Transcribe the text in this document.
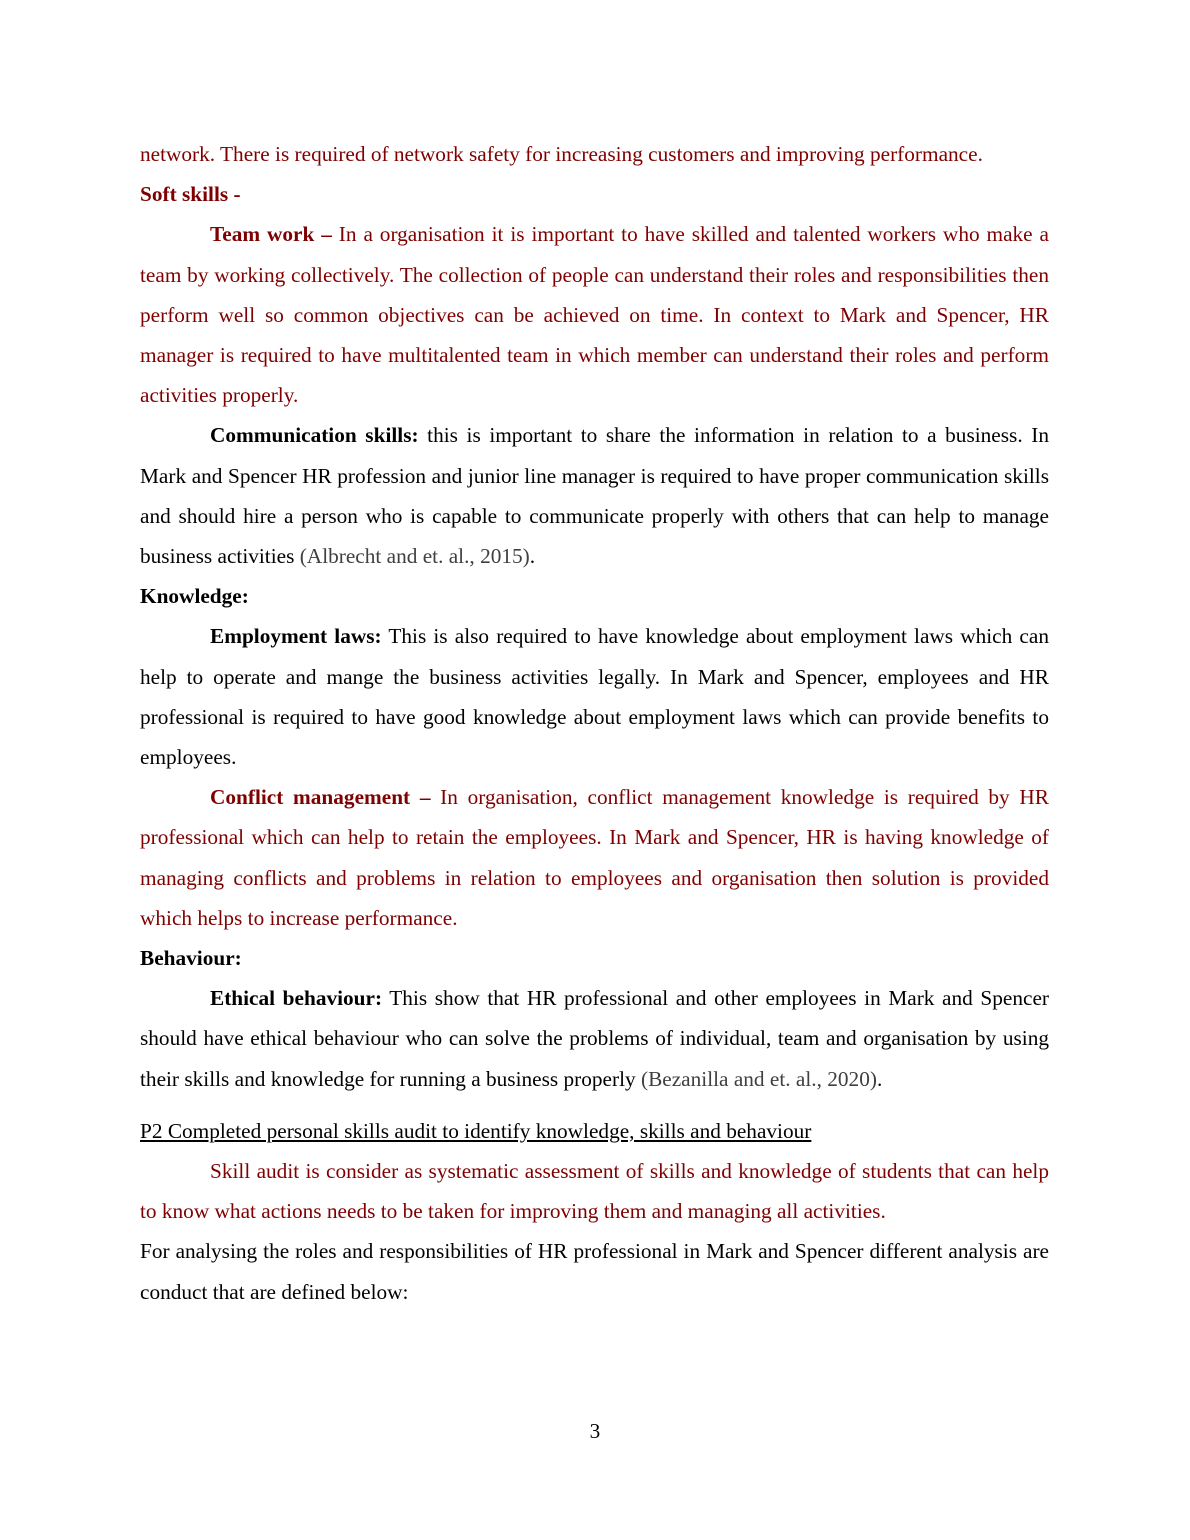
network. There is required of network safety for increasing customers and improving performance.

Soft skills -

Team work – In a organisation it is important to have skilled and talented workers who make a team by working collectively. The collection of people can understand their roles and responsibilities then perform well so common objectives can be achieved on time. In context to Mark and Spencer, HR manager is required to have multitalented team in which member can understand their roles and perform activities properly.

Communication skills: this is important to share the information in relation to a business. In Mark and Spencer HR profession and junior line manager is required to have proper communication skills and should hire a person who is capable to communicate properly with others that can help to manage business activities (Albrecht and et. al., 2015).

Knowledge:

Employment laws: This is also required to have knowledge about employment laws which can help to operate and mange the business activities legally. In Mark and Spencer, employees and HR professional is required to have good knowledge about employment laws which can provide benefits to employees.

Conflict management – In organisation, conflict management knowledge is required by HR professional which can help to retain the employees. In Mark and Spencer, HR is having knowledge of managing conflicts and problems in relation to employees and organisation then solution is provided which helps to increase performance.

Behaviour:

Ethical behaviour: This show that HR professional and other employees in Mark and Spencer should have ethical behaviour who can solve the problems of individual, team and organisation by using their skills and knowledge for running a business properly (Bezanilla and et. al., 2020).

P2 Completed personal skills audit to identify knowledge, skills and behaviour

Skill audit is consider as systematic assessment of skills and knowledge of students that can help to know what actions needs to be taken for improving them and managing all activities.

For analysing the roles and responsibilities of HR professional in Mark and Spencer different analysis are conduct that are defined below:

3
